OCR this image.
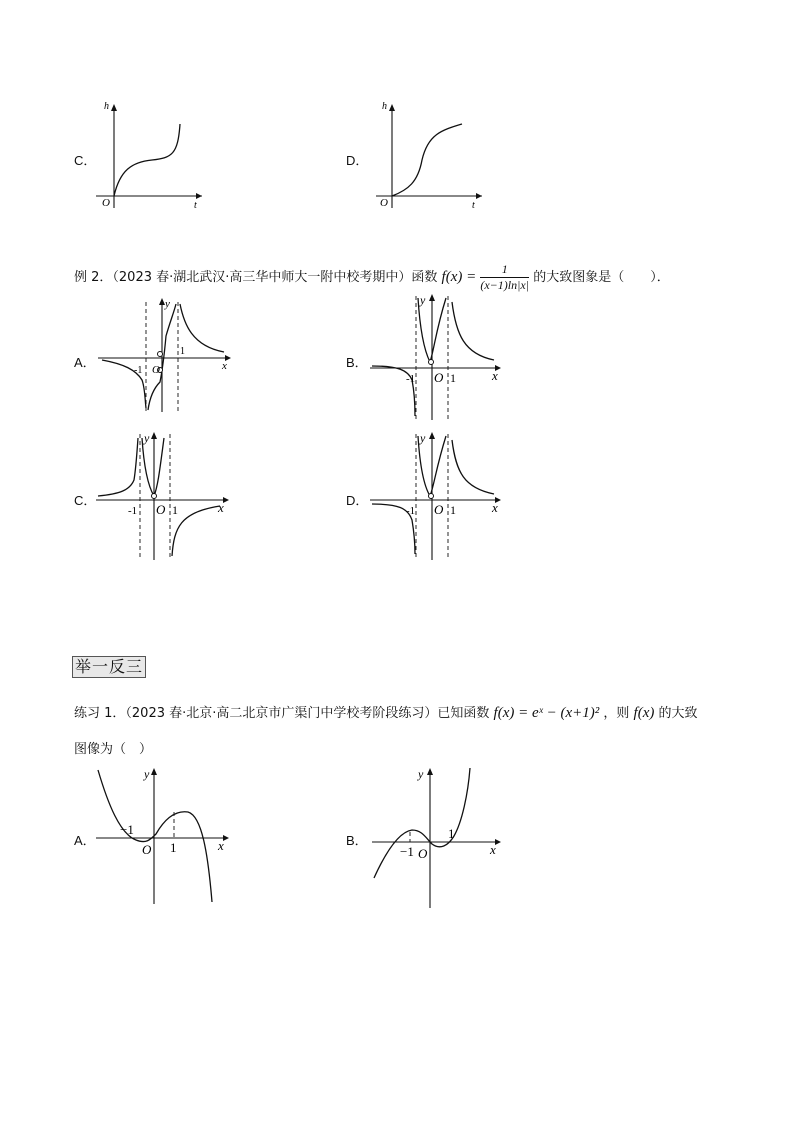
C．
h
t
O
D．
h
t
O
例 2．（2023 春·湖北武汉·高三华中师大一附中校考期中）函数 $f(x) = \frac{1}{(x-1)\ln|x|}$ 的大致图象是（　　）．
A．
-1 O
1
x
y
B．
-1 O 1	x
y
C．
-1 O 1	x
y
D．
-1 O 1	x
y
举一反三
练习 1．（2023 春·北京·高二北京市广渠门中学校考阶段练习）已知函数 f(x) = eˣ − (x+1)² ，则 f(x) 的大致
图像为（　）
A．
−1
O 1	x
y
B．
−1 O
1
x
y
